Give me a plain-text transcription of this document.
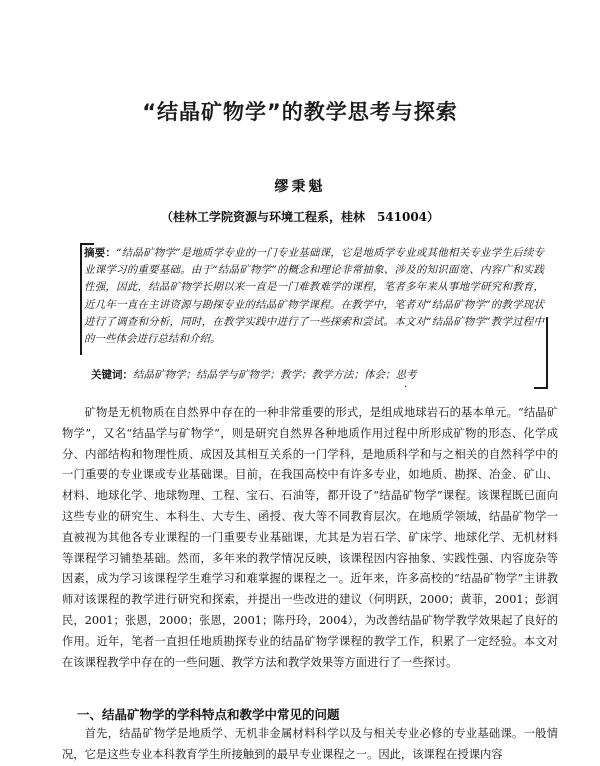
“结晶矿物学”的教学思考与探索
缪秉魁
（桂林工学院资源与环境工程系，桂林　541004）

摘要：“结晶矿物学”是地质学专业的一门专业基础课，它是地质学专业或其他相关专业学生后续专业课学习的重要基础。由于“结晶矿物学”的概念和理论非常抽象、涉及的知识面宽、内容广和实践性强，因此，结晶矿物学长期以来一直是一门难教难学的课程，笔者多年来从事地学研究和教育，近几年一直在主讲资源与勘探专业的结晶矿物学课程。在教学中，笔者对“结晶矿物学”的教学现状进行了调查和分析，同时，在教学实践中进行了一些探索和尝试。本文对“结晶矿物学”教学过程中的一些体会进行总结和介绍。

关键词：结晶矿物学；结晶学与矿物学；教学；教学方法；体会；思考

·

矿物是无机物质在自然界中存在的一种非常重要的形式，是组成地球岩石的基本单元。“结晶矿物学”，又名“结晶学与矿物学”，则是研究自然界各种地质作用过程中所形成矿物的形态、化学成分、内部结构和物理性质、成因及其相互关系的一门学科，是地质科学和与之相关的自然科学中的一门重要的专业课或专业基础课。目前，在我国高校中有许多专业，如地质、勘探、冶金、矿山、材料、地球化学、地球物理、工程、宝石、石油等，都开设了“结晶矿物学”课程。该课程既已面向这些专业的研究生、本科生、大专生、函授、夜大等不同教育层次。在地质学领域，结晶矿物学一直被视为其他各专业课程的一门重要专业基础课，尤其是为岩石学、矿床学、地球化学、无机材料等课程学习铺垫基础。然而，多年来的教学情况反映，该课程因内容抽象、实践性强、内容庞杂等因素，成为学习该课程学生难学习和难掌握的课程之一。近年来，许多高校的“结晶矿物学”主讲教师对该课程的教学进行研究和探索，并提出一些改进的建议（何明跃，2000；黄菲，2001；彭润民，2001；张恩，2000；张恩，2001；陈丹玲，2004），为改善结晶矿物学教学效果起了良好的作用。近年，笔者一直担任地质勘探专业的结晶矿物学课程的教学工作，积累了一定经验。本文对在该课程教学中存在的一些问题、教学方法和教学效果等方面进行了一些探讨。

一、结晶矿物学的学科特点和教学中常见的问题

首先，结晶矿物学是地质学、无机非金属材料科学以及与相关专业必修的专业基础课。一般情况，它是这些专业本科教育学生所接触到的最早专业课程之一。因此，该课程在授课内容
